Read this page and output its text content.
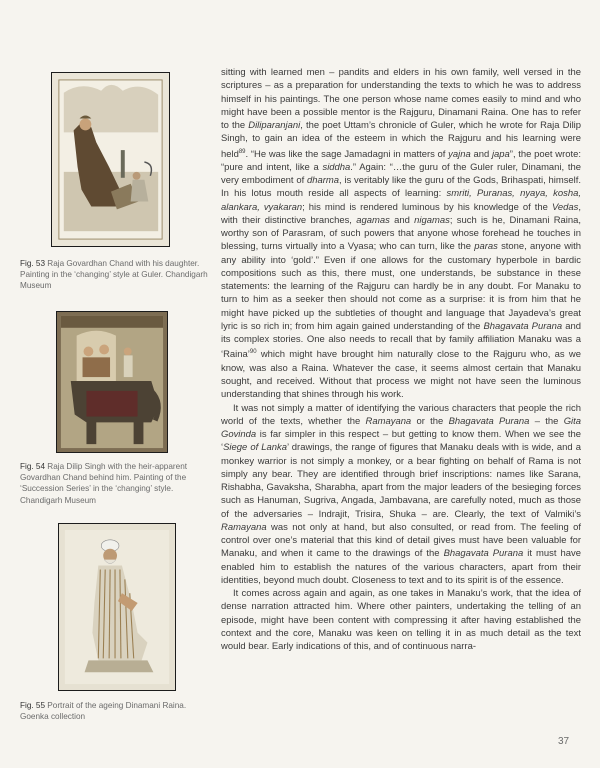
Fig. 53 Raja Govardhan Chand with his daughter. Painting in the ‘changing’ style at Guler. Chandigarh Museum

Fig. 54 Raja Dilip Singh with the heir-apparent Govardhan Chand behind him. Painting of the ‘Succession Series’ in the ‘changing’ style. Chandigarh Museum

Fig. 55 Portrait of the ageing Dinamani Raina. Goenka collection

sitting with learned men – pandits and elders in his own family, well versed in the scriptures – as a preparation for understanding the texts to which he was to address himself in his paintings. The one person whose name comes easily to mind and who might have been a possible mentor is the Rajguru, Dinamani Raina. One has to refer to the Diliparanjani, the poet Uttam’s chronicle of Guler, which he wrote for Raja Dilip Singh, to gain an idea of the esteem in which the Rajguru and his learning were held$^{89}$. “He was like the sage Jamadagni in matters of yajna and japa”, the poet wrote: “pure and intent, like a siddha.” Again: “…the guru of the Guler ruler, Dinamani, the very embodiment of dharma, is veritably like the guru of the Gods, Brihaspati, himself. In his lotus mouth reside all aspects of learning: smriti, Puranas, nyaya, kosha, alankara, vyakaran; his mind is rendered luminous by his knowledge of the Vedas, with their distinctive branches, agamas and nigamas; such is he, Dinamani Raina, worthy son of Parasram, of such powers that anyone whose forehead he touches in blessing, turns virtually into a Vyasa; who can turn, like the paras stone, anyone with any ability into ‘gold’.” Even if one allows for the customary hyperbole in bardic compositions such as this, there must, one understands, be substance in these statements: the learning of the Rajguru can hardly be in any doubt. For Manaku to turn to him as a seeker then should not come as a surprise: it is from him that he might have picked up the subtleties of thought and language that Jayadeva’s great lyric is so rich in; from him again gained understanding of the Bhagavata Purana and its complex stories. One also needs to recall that by family affiliation Manaku was a ‘Raina’$^{90}$ which might have brought him naturally close to the Rajguru who, as we know, was also a Raina. Whatever the case, it seems almost certain that Manaku sought, and received. Without that process we might not have seen the luminous understanding that shines through his work.

It was not simply a matter of identifying the various characters that people the rich world of the texts, whether the Ramayana or the Bhagavata Purana – the Gita Govinda is far simpler in this respect – but getting to know them. When we see the ‘Siege of Lanka’ drawings, the range of figures that Manaku deals with is wide, and a monkey warrior is not simply a monkey, or a bear fighting on behalf of Rama is not simply any bear. They are identified through brief inscriptions: names like Sarana, Rishabha, Gavaksha, Sharabha, apart from the major leaders of the besieging forces such as Hanuman, Sugriva, Angada, Jambavana, are carefully noted, much as those of the adversaries – Indrajit, Trisira, Shuka – are. Clearly, the text of Valmiki’s Ramayana was not only at hand, but also consulted, or read from. The feeling of control over one’s material that this kind of detail gives must have been valuable for Manaku, and when it came to the drawings of the Bhagavata Purana it must have enabled him to establish the natures of the various characters, apart from their identities, beyond much doubt. Closeness to text and to its spirit is of the essence.

It comes across again and again, as one takes in Manaku’s work, that the idea of dense narration attracted him. Where other painters, undertaking the telling of an episode, might have been content with compressing it after having established the context and the core, Manaku was keen on telling it in as much detail as the text would bear. Early indications of this, and of continuous narra-

37
